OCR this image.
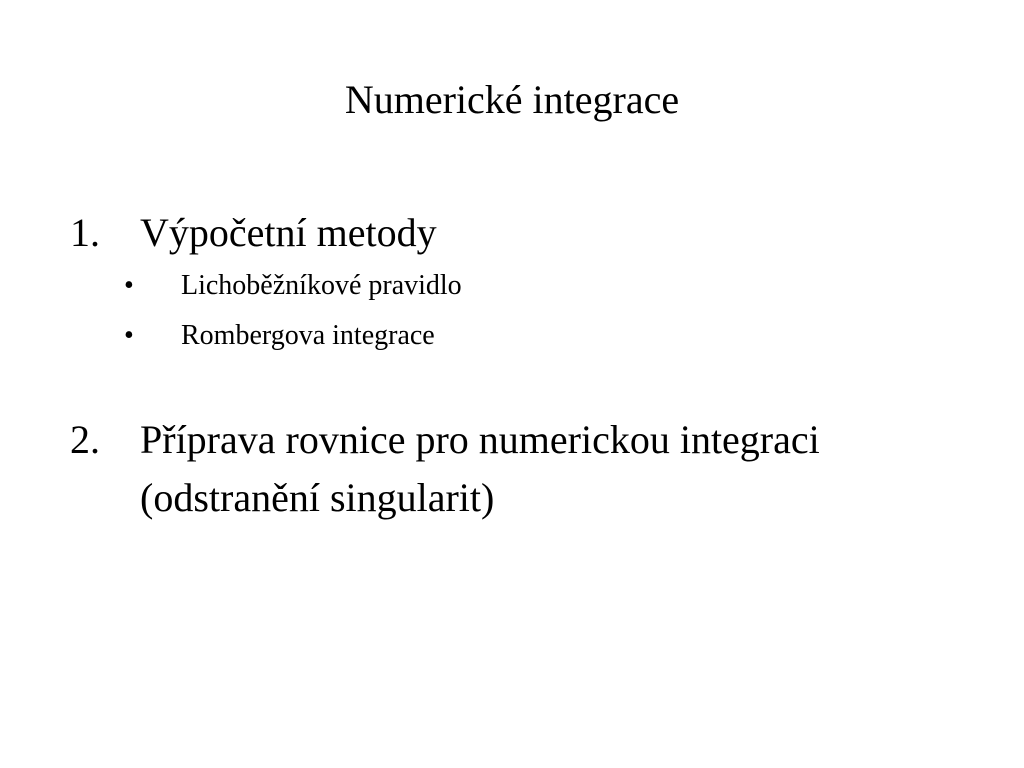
Numerické integrace
1. Výpočetní metody
• Lichoběžníkové pravidlo
• Rombergova integrace
2. Příprava rovnice pro numerickou integraci
(odstranění singularit)
